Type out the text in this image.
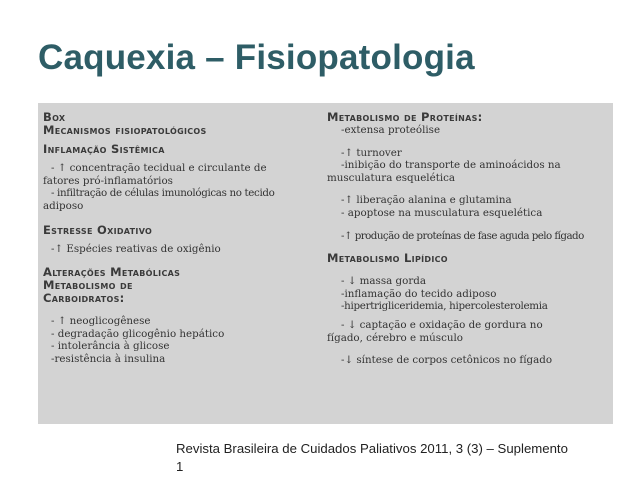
Caquexia – Fisiopatologia
Box
Mecanismos fisiopatológicos
Inflamação Sistêmica
- ↑ concentração tecidual e circulante de
fatores pró-inflamatórios
- infiltração de células imunológicas no tecido
adiposo
Estresse Oxidativo
-↑ Espécies reativas de oxigênio
Alterações Metabólicas
Metabolismo de
Carboidratos:
- ↑ neoglicogênese
- degradação glicogênio hepático
- intolerância à glicose
-resistência à insulina
Metabolismo de Proteínas:
-extensa proteólise
-↑ turnover
-inibição do transporte de aminoácidos na
musculatura esquelética
-↑ liberação alanina e glutamina
- apoptose na musculatura esquelética
-↑ produção de proteínas de fase aguda pelo fígado
Metabolismo Lipídico
- ↓ massa gorda
-inflamação do tecido adiposo
-hipertrigliceridemia, hipercolesterolemia
- ↓ captação e oxidação de gordura no
fígado, cérebro e músculo
-↓ síntese de corpos cetônicos no fígado
Revista Brasileira de Cuidados Paliativos 2011, 3 (3) – Suplemento
1
